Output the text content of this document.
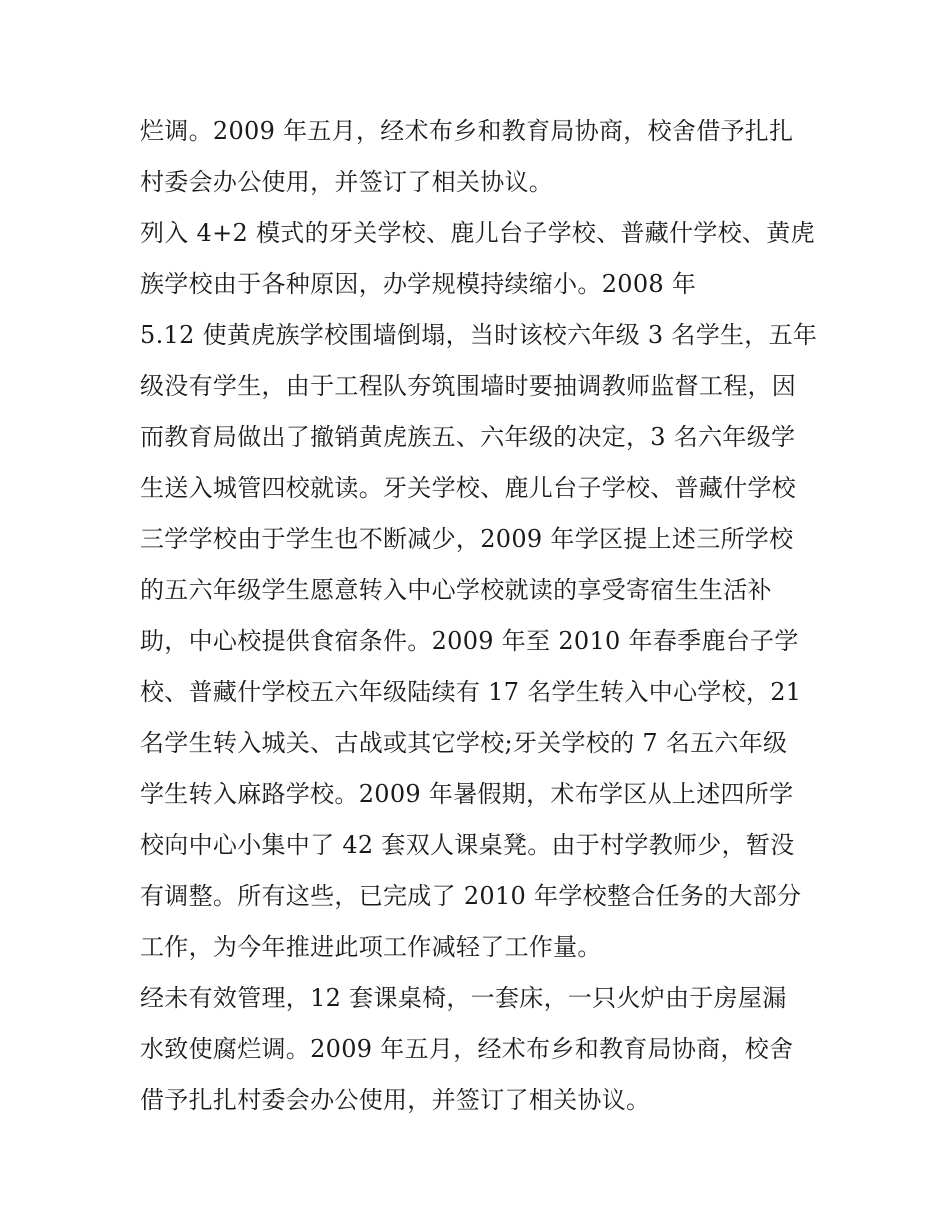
烂调。2009 年五月，经术布乡和教育局协商，校舍借予扎扎
村委会办公使用，并签订了相关协议。
列入 4+2 模式的牙关学校、鹿儿台子学校、普藏什学校、黄虎
族学校由于各种原因，办学规模持续缩小。2008 年
5.12 使黄虎族学校围墙倒塌，当时该校六年级 3 名学生，五年
级没有学生，由于工程队夯筑围墙时要抽调教师监督工程，因
而教育局做出了撤销黄虎族五、六年级的决定，3 名六年级学
生送入城管四校就读。牙关学校、鹿儿台子学校、普藏什学校
三学学校由于学生也不断减少，2009 年学区提上述三所学校
的五六年级学生愿意转入中心学校就读的享受寄宿生生活补
助，中心校提供食宿条件。2009 年至 2010 年春季鹿台子学
校、普藏什学校五六年级陆续有 17 名学生转入中心学校，21
名学生转入城关、古战或其它学校;牙关学校的 7 名五六年级
学生转入麻路学校。2009 年暑假期，术布学区从上述四所学
校向中心小集中了 42 套双人课桌凳。由于村学教师少，暂没
有调整。所有这些，已完成了 2010 年学校整合任务的大部分
工作，为今年推进此项工作减轻了工作量。
经未有效管理，12 套课桌椅，一套床，一只火炉由于房屋漏
水致使腐烂调。2009 年五月，经术布乡和教育局协商，校舍
借予扎扎村委会办公使用，并签订了相关协议。
